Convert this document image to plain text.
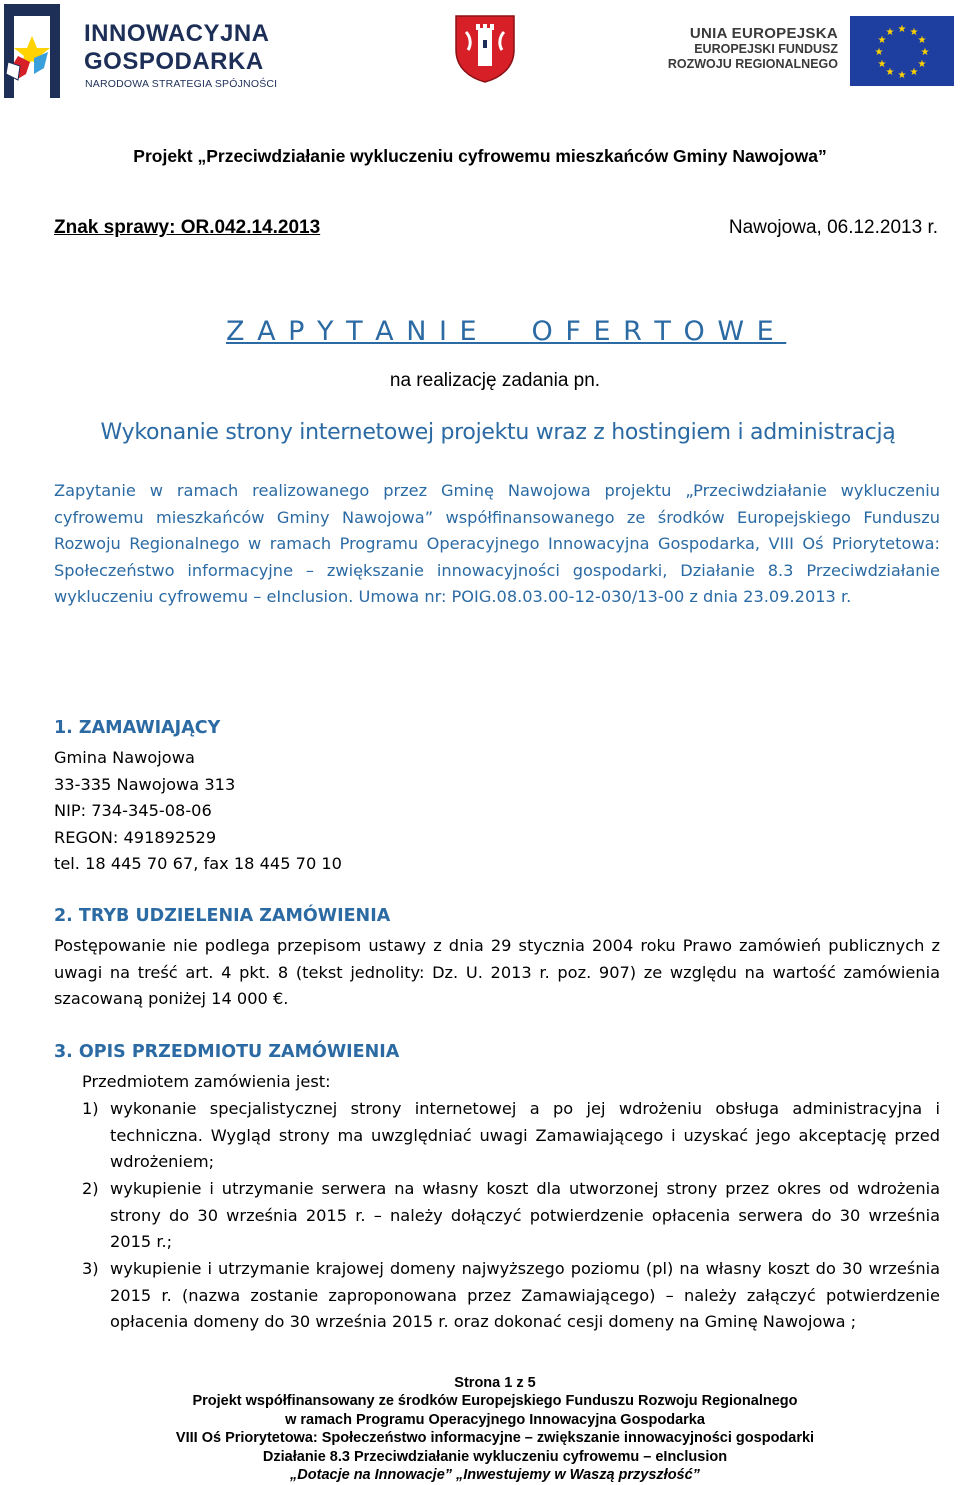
INNOWACYJNA
GOSPODARKA
NARODOWA STRATEGIA SPÓJNOŚCI
UNIA EUROPEJSKA
EUROPEJSKI FUNDUSZ
ROZWOJU REGIONALNEGO
★ ★
★
★
★
★
★
★
★
★
★
★
Projekt „Przeciwdziałanie wykluczeniu cyfrowemu mieszkańców Gminy Nawojowa”
Znak sprawy: OR.042.14.2013	Nawojowa, 06.12.2013 r.
Z A P Y T A N I E     O F E R T O W E
na realizację zadania pn.
Wykonanie strony internetowej projektu wraz z hostingiem i administracją
Zapytanie w ramach realizowanego przez Gminę Nawojowa projektu „Przeciwdziałanie wykluczeniu cyfrowemu mieszkańców Gminy Nawojowa” współfinansowanego ze środków Europejskiego Funduszu Rozwoju Regionalnego w ramach Programu Operacyjnego Innowacyjna Gospodarka, VIII Oś Priorytetowa: Społeczeństwo informacyjne – zwiększanie innowacyjności gospodarki, Działanie 8.3 Przeciwdziałanie wykluczeniu cyfrowemu – eInclusion. Umowa nr: POIG.08.03.00-12-030/13-00 z dnia 23.09.2013 r.
1. ZAMAWIAJĄCY
Gmina Nawojowa
33-335 Nawojowa 313
NIP: 734-345-08-06
REGON: 491892529
tel. 18 445 70 67, fax 18 445 70 10
2. TRYB UDZIELENIA ZAMÓWIENIA
Postępowanie nie podlega przepisom ustawy z dnia 29 stycznia 2004 roku Prawo zamówień publicznych z uwagi na treść art. 4 pkt. 8 (tekst jednolity: Dz. U. 2013 r. poz. 907) ze względu na wartość zamówienia szacowaną poniżej 14 000 €.
3. OPIS PRZEDMIOTU ZAMÓWIENIA
Przedmiotem zamówienia jest:
1) wykonanie specjalistycznej strony internetowej a po jej wdrożeniu obsługa administracyjna i techniczna. Wygląd strony ma uwzględniać uwagi Zamawiającego i uzyskać jego akceptację przed wdrożeniem;
2) wykupienie i utrzymanie serwera na własny koszt dla utworzonej strony przez okres od wdrożenia strony do 30 września 2015 r. – należy dołączyć potwierdzenie opłacenia serwera do 30 września 2015 r.;
3) wykupienie i utrzymanie krajowej domeny najwyższego poziomu (pl) na własny koszt do 30 września 2015 r. (nazwa zostanie zaproponowana przez Zamawiającego) – należy załączyć potwierdzenie opłacenia domeny do 30 września 2015 r. oraz dokonać cesji domeny na Gminę Nawojowa ;
Strona 1 z 5
Projekt współfinansowany ze środków Europejskiego Funduszu Rozwoju Regionalnego
w ramach Programu Operacyjnego Innowacyjna Gospodarka
VIII Oś Priorytetowa: Społeczeństwo informacyjne – zwiększanie innowacyjności gospodarki
Działanie 8.3 Przeciwdziałanie wykluczeniu cyfrowemu – eInclusion
„Dotacje na Innowacje” „Inwestujemy w Waszą przyszłość”
